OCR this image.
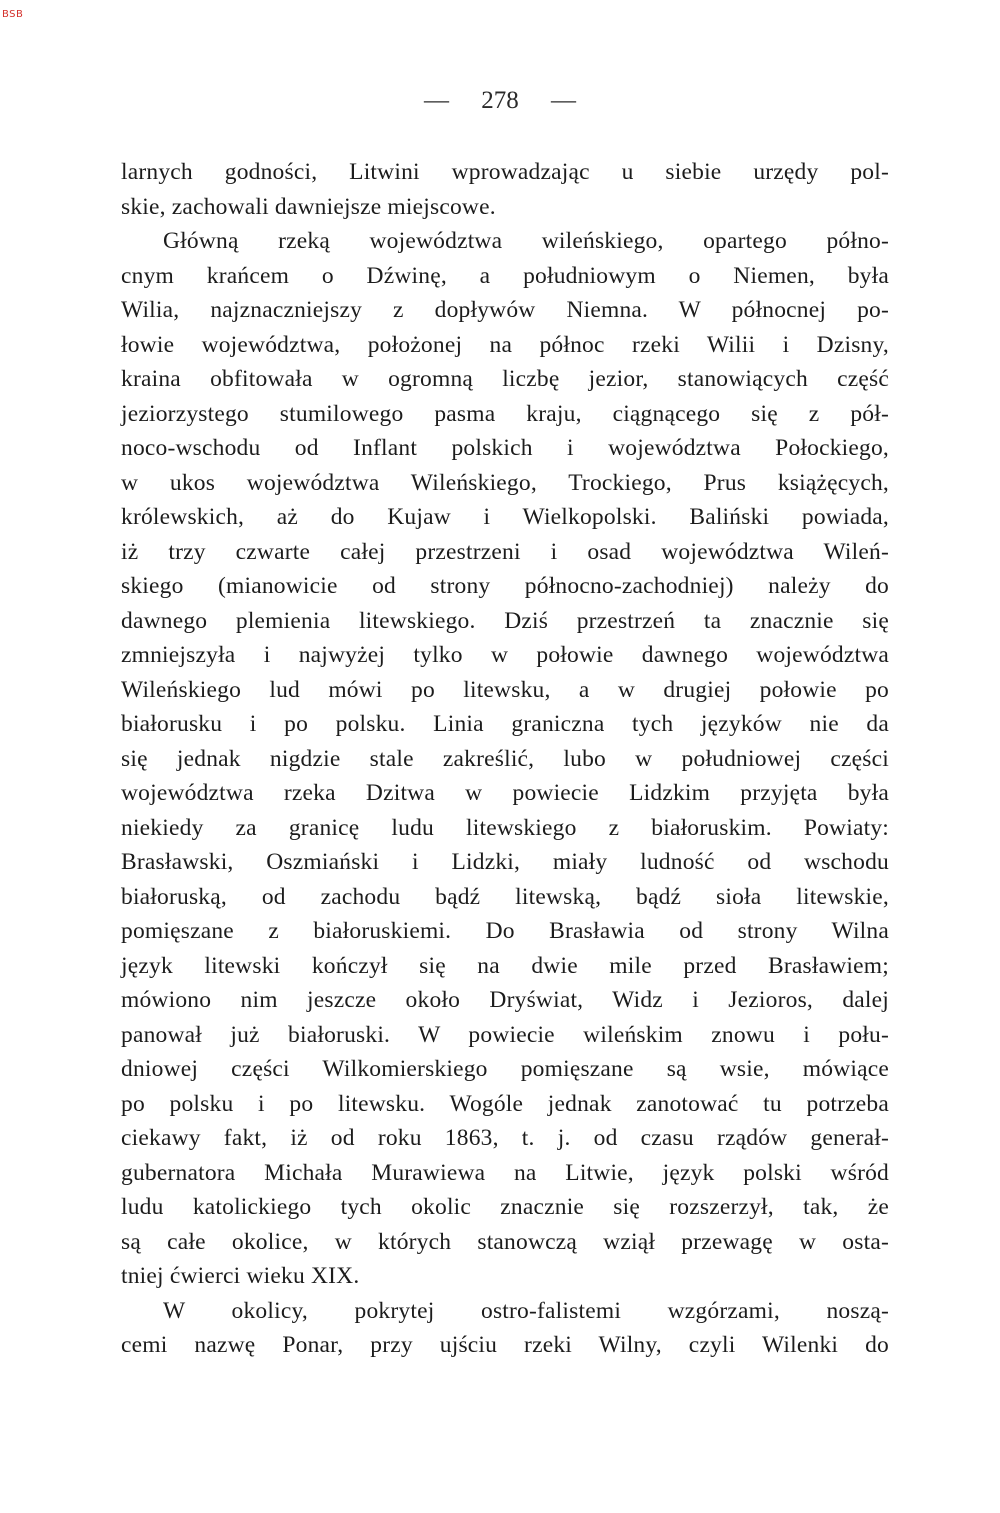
BSB
— 278 —
larnych godności, Litwini wprowadzając u siebie urzędy pol-
skie, zachowali dawniejsze miejscowe.
Główną rzeką województwa wileńskiego, opartego półno-
cnym krańcem o Dźwinę, a południowym o Niemen, była
Wilia, najznaczniejszy z dopływów Niemna. W północnej po-
łowie województwa, położonej na północ rzeki Wilii i Dzisny,
kraina obfitowała w ogromną liczbę jezior, stanowiących część
jeziorzystego stumilowego pasma kraju, ciągnącego się z pół-
noco-wschodu od Inflant polskich i województwa Połockiego,
w ukos województwa Wileńskiego, Trockiego, Prus książęcych,
królewskich, aż do Kujaw i Wielkopolski. Baliński powiada,
iż trzy czwarte całej przestrzeni i osad województwa Wileń-
skiego (mianowicie od strony północno-zachodniej) należy do
dawnego plemienia litewskiego. Dziś przestrzeń ta znacznie się
zmniejszyła i najwyżej tylko w połowie dawnego województwa
Wileńskiego lud mówi po litewsku, a w drugiej połowie po
białorusku i po polsku. Linia graniczna tych języków nie da
się jednak nigdzie stale zakreślić, lubo w południowej części
województwa rzeka Dzitwa w powiecie Lidzkim przyjęta była
niekiedy za granicę ludu litewskiego z białoruskim. Powiaty:
Brasławski, Oszmiański i Lidzki, miały ludność od wschodu
białoruską, od zachodu bądź litewską, bądź sioła litewskie,
pomięszane z białoruskiemi. Do Brasławia od strony Wilna
język litewski kończył się na dwie mile przed Brasławiem;
mówiono nim jeszcze około Dryświat, Widz i Jezioros, dalej
panował już białoruski. W powiecie wileńskim znowu i połu-
dniowej części Wilkomierskiego pomięszane są wsie, mówiące
po polsku i po litewsku. Wogóle jednak zanotować tu potrzeba
ciekawy fakt, iż od roku 1863, t. j. od czasu rządów generał-
gubernatora Michała Murawiewa na Litwie, język polski wśród
ludu katolickiego tych okolic znacznie się rozszerzył, tak, że
są całe okolice, w których stanowczą wziął przewagę w osta-
tniej ćwierci wieku XIX.
W okolicy, pokrytej ostro-falistemi wzgórzami, noszą-
cemi nazwę Ponar, przy ujściu rzeki Wilny, czyli Wilenki do
